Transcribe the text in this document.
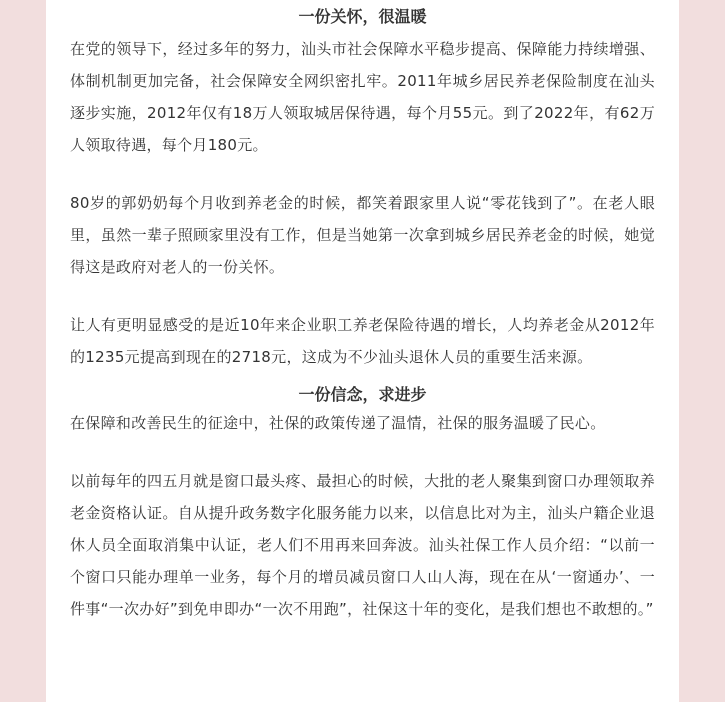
一份关怀，很温暖

在党的领导下，经过多年的努力，汕头市社会保障水平稳步提高、保障能力持续增强、体制机制更加完备，社会保障安全网织密扎牢。2011年城乡居民养老保险制度在汕头逐步实施，2012年仅有18万人领取城居保待遇，每个月55元。到了2022年，有62万人领取待遇，每个月180元。

80岁的郭奶奶每个月收到养老金的时候，都笑着跟家里人说“零花钱到了”。在老人眼里，虽然一辈子照顾家里没有工作，但是当她第一次拿到城乡居民养老金的时候，她觉得这是政府对老人的一份关怀。

让人有更明显感受的是近10年来企业职工养老保险待遇的增长，人均养老金从2012年的1235元提高到现在的2718元，这成为不少汕头退休人员的重要生活来源。

一份信念，求进步

在保障和改善民生的征途中，社保的政策传递了温情，社保的服务温暖了民心。

以前每年的四五月就是窗口最头疼、最担心的时候，大批的老人聚集到窗口办理领取养老金资格认证。自从提升政务数字化服务能力以来，以信息比对为主，汕头户籍企业退休人员全面取消集中认证，老人们不用再来回奔波。汕头社保工作人员介绍：“以前一个窗口只能办理单一业务，每个月的增员减员窗口人山人海，现在在从‘一窗通办’、一件事“一次办好”到免申即办“一次不用跑”，社保这十年的变化，是我们想也不敢想的。”
